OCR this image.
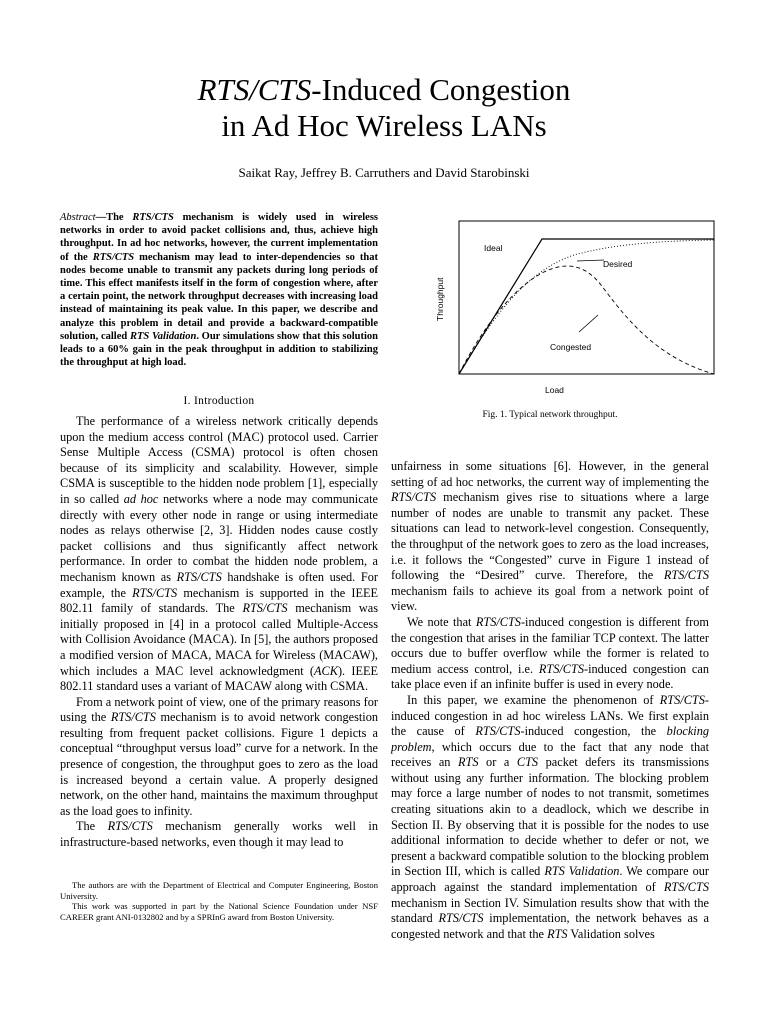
RTS/CTS-Induced Congestion
in Ad Hoc Wireless LANs

Saikat Ray, Jeffrey B. Carruthers and David Starobinski

Abstract—The RTS/CTS mechanism is widely used in wireless networks in order to avoid packet collisions and, thus, achieve high throughput. In ad hoc networks, however, the current implementation of the RTS/CTS mechanism may lead to inter-dependencies so that nodes become unable to transmit any packets during long periods of time. This effect manifests itself in the form of congestion where, after a certain point, the network throughput decreases with increasing load instead of maintaining its peak value. In this paper, we describe and analyze this problem in detail and provide a backward-compatible solution, called RTS Validation. Our simulations show that this solution leads to a 60% gain in the peak throughput in addition to stabilizing the throughput at high load.

I. Introduction

The performance of a wireless network critically depends upon the medium access control (MAC) protocol used. Carrier Sense Multiple Access (CSMA) protocol is often chosen because of its simplicity and scalability. However, simple CSMA is susceptible to the hidden node problem [1], especially in so called ad hoc networks where a node may communicate directly with every other node in range or using intermediate nodes as relays otherwise [2, 3]. Hidden nodes cause costly packet collisions and thus significantly affect network performance. In order to combat the hidden node problem, a mechanism known as RTS/CTS handshake is often used. For example, the RTS/CTS mechanism is supported in the IEEE 802.11 family of standards. The RTS/CTS mechanism was initially proposed in [4] in a protocol called Multiple-Access with Collision Avoidance (MACA). In [5], the authors proposed a modified version of MACA, MACA for Wireless (MACAW), which includes a MAC level acknowledgment (ACK). IEEE 802.11 standard uses a variant of MACAW along with CSMA.

From a network point of view, one of the primary reasons for using the RTS/CTS mechanism is to avoid network congestion resulting from frequent packet collisions. Figure 1 depicts a conceptual “throughput versus load” curve for a network. In the presence of congestion, the throughput goes to zero as the load is increased beyond a certain value. A properly designed network, on the other hand, maintains the maximum throughput as the load goes to infinity.

The RTS/CTS mechanism generally works well in infrastructure-based networks, even though it may lead to

The authors are with the Department of Electrical and Computer Engineering, Boston University.

This work was supported in part by the National Science Foundation under NSF CAREER grant ANI-0132802 and by a SPRInG award from Boston University.

Ideal
Desired
Congested
Load
Throughput

Fig. 1. Typical network throughput.

unfairness in some situations [6]. However, in the general setting of ad hoc networks, the current way of implementing the RTS/CTS mechanism gives rise to situations where a large number of nodes are unable to transmit any packet. These situations can lead to network-level congestion. Consequently, the throughput of the network goes to zero as the load increases, i.e. it follows the “Congested” curve in Figure 1 instead of following the “Desired” curve. Therefore, the RTS/CTS mechanism fails to achieve its goal from a network point of view.

We note that RTS/CTS-induced congestion is different from the congestion that arises in the familiar TCP context. The latter occurs due to buffer overflow while the former is related to medium access control, i.e. RTS/CTS-induced congestion can take place even if an infinite buffer is used in every node.

In this paper, we examine the phenomenon of RTS/CTS-induced congestion in ad hoc wireless LANs. We first explain the cause of RTS/CTS-induced congestion, the blocking problem, which occurs due to the fact that any node that receives an RTS or a CTS packet defers its transmissions without using any further information. The blocking problem may force a large number of nodes to not transmit, sometimes creating situations akin to a deadlock, which we describe in Section II. By observing that it is possible for the nodes to use additional information to decide whether to defer or not, we present a backward compatible solution to the blocking problem in Section III, which is called RTS Validation. We compare our approach against the standard implementation of RTS/CTS mechanism in Section IV. Simulation results show that with the standard RTS/CTS implementation, the network behaves as a congested network and that the RTS Validation solves
